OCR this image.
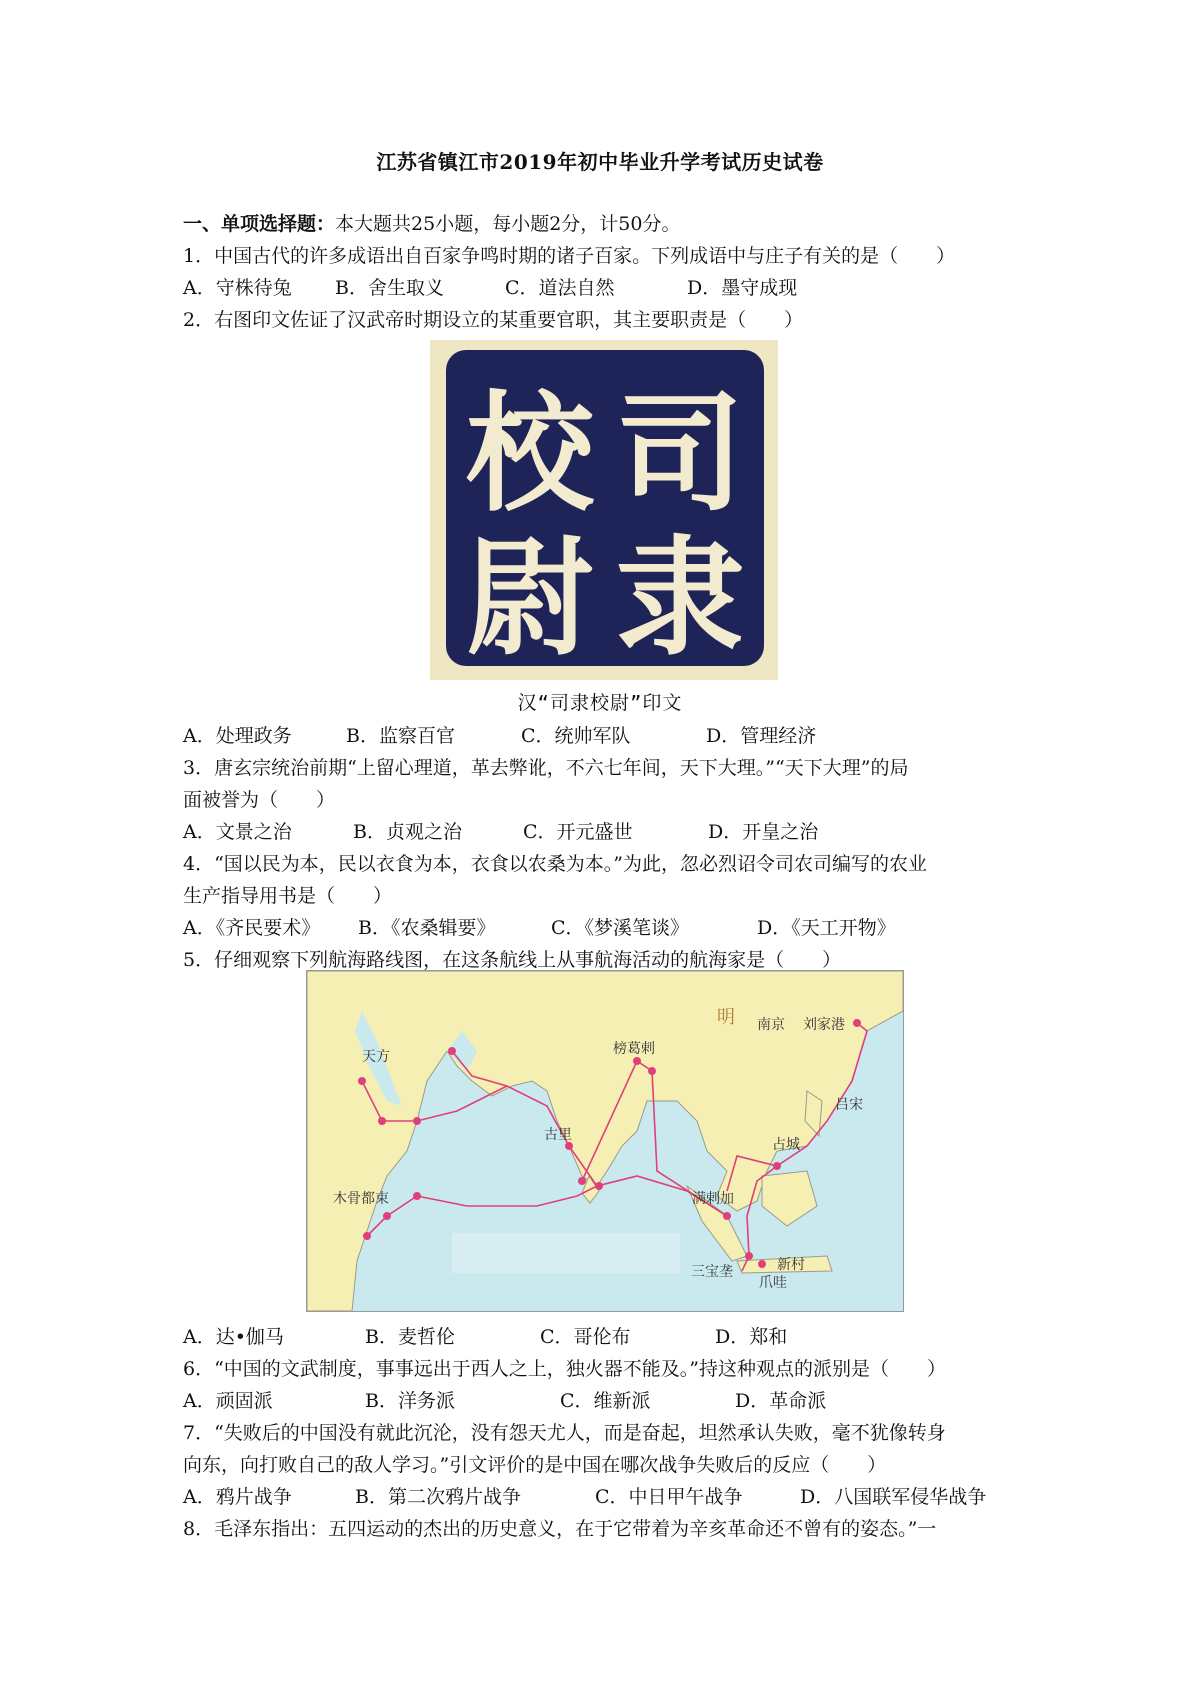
江苏省镇江市2019年初中毕业升学考试历史试卷
一、单项选择题：本大题共25小题，每小题2分，计50分。
1．中国古代的许多成语出自百家争鸣时期的诸子百家。下列成语中与庄子有关的是（　　）
A．守株待兔	B．舍生取义	C．道法自然	D．墨守成现
2．右图印文佐证了汉武帝时期设立的某重要官职，其主要职责是（　　）
司
隶
校
尉
汉“司隶校尉”印文
A．处理政务	B．监察百官	C．统帅军队	D．管理经济
3．唐玄宗统治前期“上留心理道，革去弊讹，不六七年间，天下大理。”“天下大理”的局
面被誉为（　　）
A．文景之治	B．贞观之治	C．开元盛世	D．开皇之治
4．“国以民为本，民以衣食为本，衣食以农桑为本。”为此，忽必烈诏令司农司编写的农业
生产指导用书是（　　）
A．《齐民要术》	B．《农桑辑要》	C．《梦溪笔谈》	D．《天工开物》
5．仔细观察下列航海路线图，在这条航线上从事航海活动的航海家是（　　）
明 南京 刘家港
天方	榜葛剌
古里
占城
吕宋
木骨都束	满剌加
三宝垄	新村
爪哇
A．达•伽马	B．麦哲伦	C．哥伦布	D．郑和
6．“中国的文武制度，事事远出于西人之上，独火器不能及。”持这种观点的派别是（　　）
A．顽固派	B．洋务派	C．维新派	D．革命派
7．“失败后的中国没有就此沉沦，没有怨天尤人，而是奋起，坦然承认失败，毫不犹像转身
向东，向打败自己的敌人学习。”引文评价的是中国在哪次战争失败后的反应（　　）
A．鸦片战争	B．第二次鸦片战争	C．中日甲午战争	D．八国联军侵华战争
8．毛泽东指出：五四运动的杰出的历史意义，在于它带着为辛亥革命还不曾有的姿态。”一
